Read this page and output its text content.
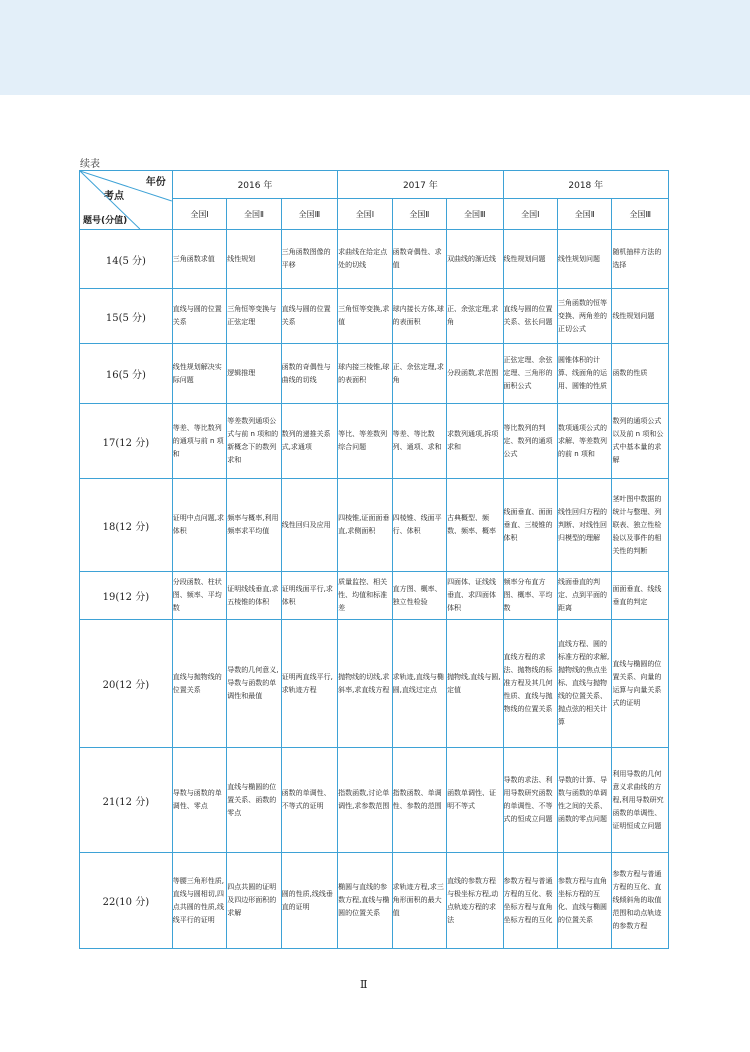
续表
年份
考点
题号(分值)	2016 年			2017 年			2018 年		
	全国Ⅰ	全国Ⅱ	全国Ⅲ	全国Ⅰ	全国Ⅱ	全国Ⅲ	全国Ⅰ	全国Ⅱ	全国Ⅲ
14(5 分)	三角函数求值	线性规划	三角函数图像的平移	求曲线在给定点处的切线	函数奇偶性、求值	双曲线的渐近线	线性规划问题	线性规划问题	随机抽样方法的选择
15(5 分)	直线与圆的位置关系	三角恒等变换与正弦定理	直线与圆的位置关系	三角恒等变换,求值	球内接长方体,球的表面积	正、余弦定理,求角	直线与圆的位置关系、弦长问题	三角函数的恒等变换、两角差的正切公式	线性规划问题
16(5 分)	线性规划解决实际问题	逻辑推理	函数的奇偶性与曲线的切线	球内接三棱锥,球的表面积	正、余弦定理,求角	分段函数,求范围	正弦定理、余弦定理、三角形的面积公式	圆锥体积的计算、线面角的运用、圆锥的性质	函数的性质
17(12 分)	等差、等比数列的通项与前 n 项和	等差数列通项公式与前 n 项和的新概念下的数列求和	数列的递推关系式,求通项	等比、等差数列综合问题	等差、等比数列、通项、求和	求数列通项,拆项求和	等比数列的判定、数列的通项公式	数项通项公式的求解、等差数列的前 n 项和	数列的通项公式以及前 n 项和公式中基本量的求解
18(12 分)	证明中点问题,求体积	频率与概率,利用频率求平均值	线性回归及应用	四棱锥,证面面垂直,求侧面积	四棱锥、线面平行、体积	古典概型、频数、频率、概率	线面垂直、面面垂直、三棱锥的体积	线性回归方程的判断、对线性回归模型的理解	茎叶图中数据的统计与整理、列联表、独立性检验以及事件的相关性的判断
19(12 分)	分段函数、柱状图、频率、平均数	证明线线垂直,求五棱锥的体积	证明线面平行,求体积	质量监控、相关性、均值和标准差	直方图、概率、独立性检验	四面体、证线线垂直、求四面体体积	频率分布直方图、概率、平均数	线面垂直的判定、点到平面的距离	面面垂直、线线垂直的判定
20(12 分)	直线与抛物线的位置关系	导数的几何意义,导数与函数的单调性和最值	证明两直线平行,求轨迹方程	抛物线的切线,求斜率,求直线方程	求轨迹,直线与椭圆,直线过定点	抛物线,直线与圆,定值	直线方程的求法、抛物线的标准方程及其几何性质、直线与抛物线的位置关系	直线方程、圆的标准方程的求解,抛物线的焦点坐标、直线与抛物线的位置关系、抛点弦的相关计算	直线与椭圆的位置关系、向量的运算与向量关系式的证明
21(12 分)	导数与函数的单调性、零点	直线与椭圆的位置关系、函数的零点	函数的单调性、不等式的证明	指数函数,讨论单调性,求参数范围	指数函数、单调性、参数的范围	函数单调性、证明不等式	导数的求法、利用导数研究函数的单调性、不等式的恒成立问题	导数的计算、导数与函数的单调性之间的关系、函数的零点问题	利用导数的几何意义求曲线的方程,利用导数研究函数的单调性、证明恒成立问题
22(10 分)	等腰三角形性质,直线与圆相切,四点共圆的性质,线线平行的证明	四点共圆的证明及四边形面积的求解	圆的性质,线线垂直的证明	椭圆与直线的参数方程,直线与椭圆的位置关系	求轨迹方程,求三角形面积的最大值	直线的参数方程与极坐标方程,动点轨迹方程的求法	参数方程与普通方程的互化、极坐标方程与直角坐标方程的互化	参数方程与直角坐标方程的互化、直线与椭圆的位置关系	参数方程与普通方程的互化、直线倾斜角的取值范围和动点轨迹的参数方程
Ⅱ
